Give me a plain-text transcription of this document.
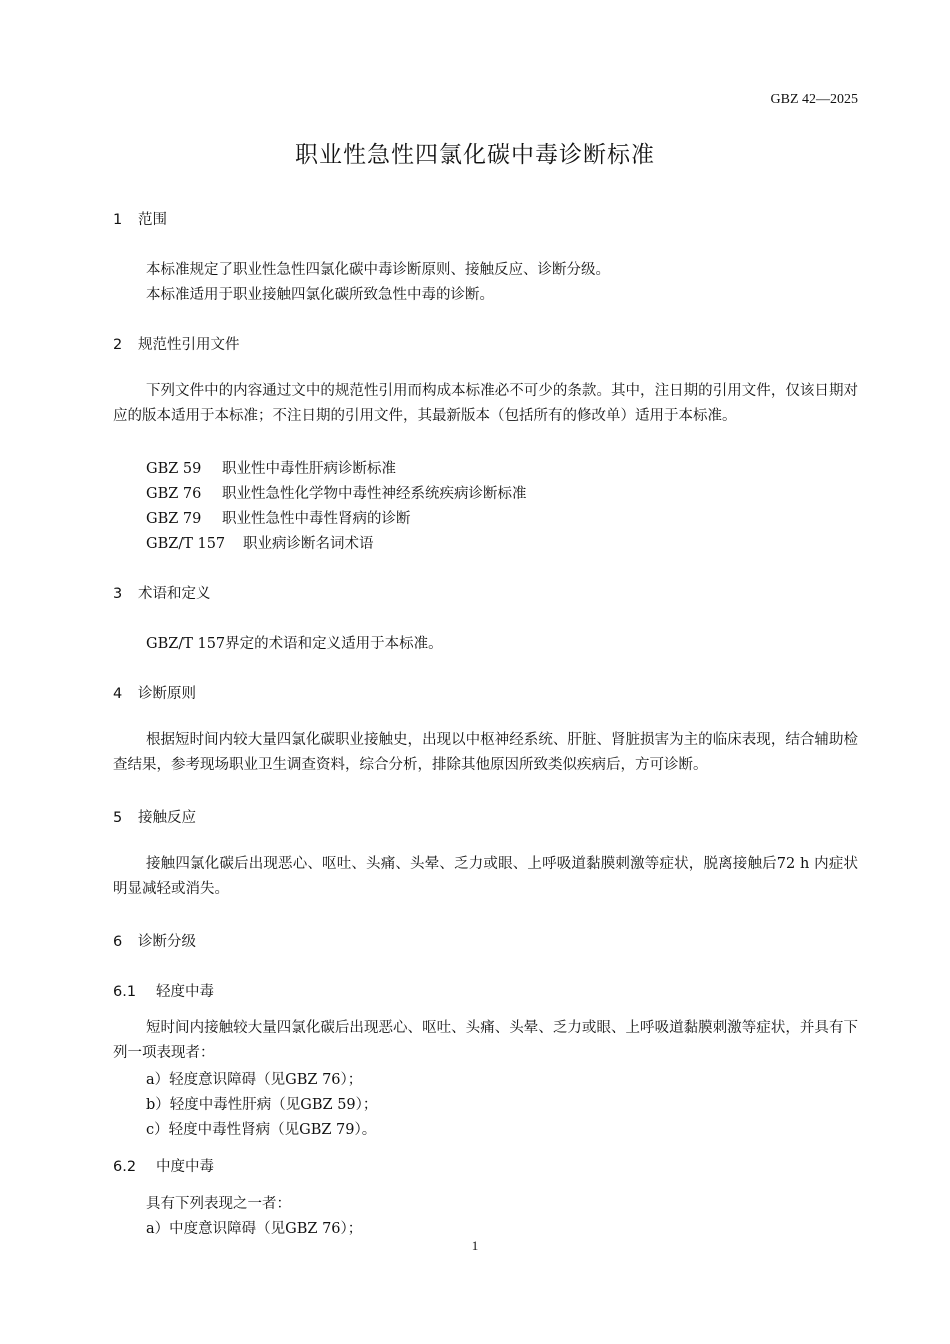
GBZ 42—2025
职业性急性四氯化碳中毒诊断标准
1 范围
本标准规定了职业性急性四氯化碳中毒诊断原则、接触反应、诊断分级。
本标准适用于职业接触四氯化碳所致急性中毒的诊断。
2 规范性引用文件
下列文件中的内容通过文中的规范性引用而构成本标准必不可少的条款。其中，注日期的引用文件，仅该日期对应的版本适用于本标准；不注日期的引用文件，其最新版本（包括所有的修改单）适用于本标准。
GBZ 59 职业性中毒性肝病诊断标准
GBZ 76 职业性急性化学物中毒性神经系统疾病诊断标准
GBZ 79 职业性急性中毒性肾病的诊断
GBZ/T 157 职业病诊断名词术语
3 术语和定义
GBZ/T 157界定的术语和定义适用于本标准。
4 诊断原则
根据短时间内较大量四氯化碳职业接触史，出现以中枢神经系统、肝脏、肾脏损害为主的临床表现，结合辅助检查结果，参考现场职业卫生调查资料，综合分析，排除其他原因所致类似疾病后，方可诊断。
5 接触反应
接触四氯化碳后出现恶心、呕吐、头痛、头晕、乏力或眼、上呼吸道黏膜刺激等症状，脱离接触后72 h 内症状明显减轻或消失。
6 诊断分级
6.1 轻度中毒
短时间内接触较大量四氯化碳后出现恶心、呕吐、头痛、头晕、乏力或眼、上呼吸道黏膜刺激等症状，并具有下列一项表现者：
a）轻度意识障碍（见GBZ 76）；
b）轻度中毒性肝病（见GBZ 59）；
c）轻度中毒性肾病（见GBZ 79）。
6.2 中度中毒
具有下列表现之一者：
a）中度意识障碍（见GBZ 76）；
1
